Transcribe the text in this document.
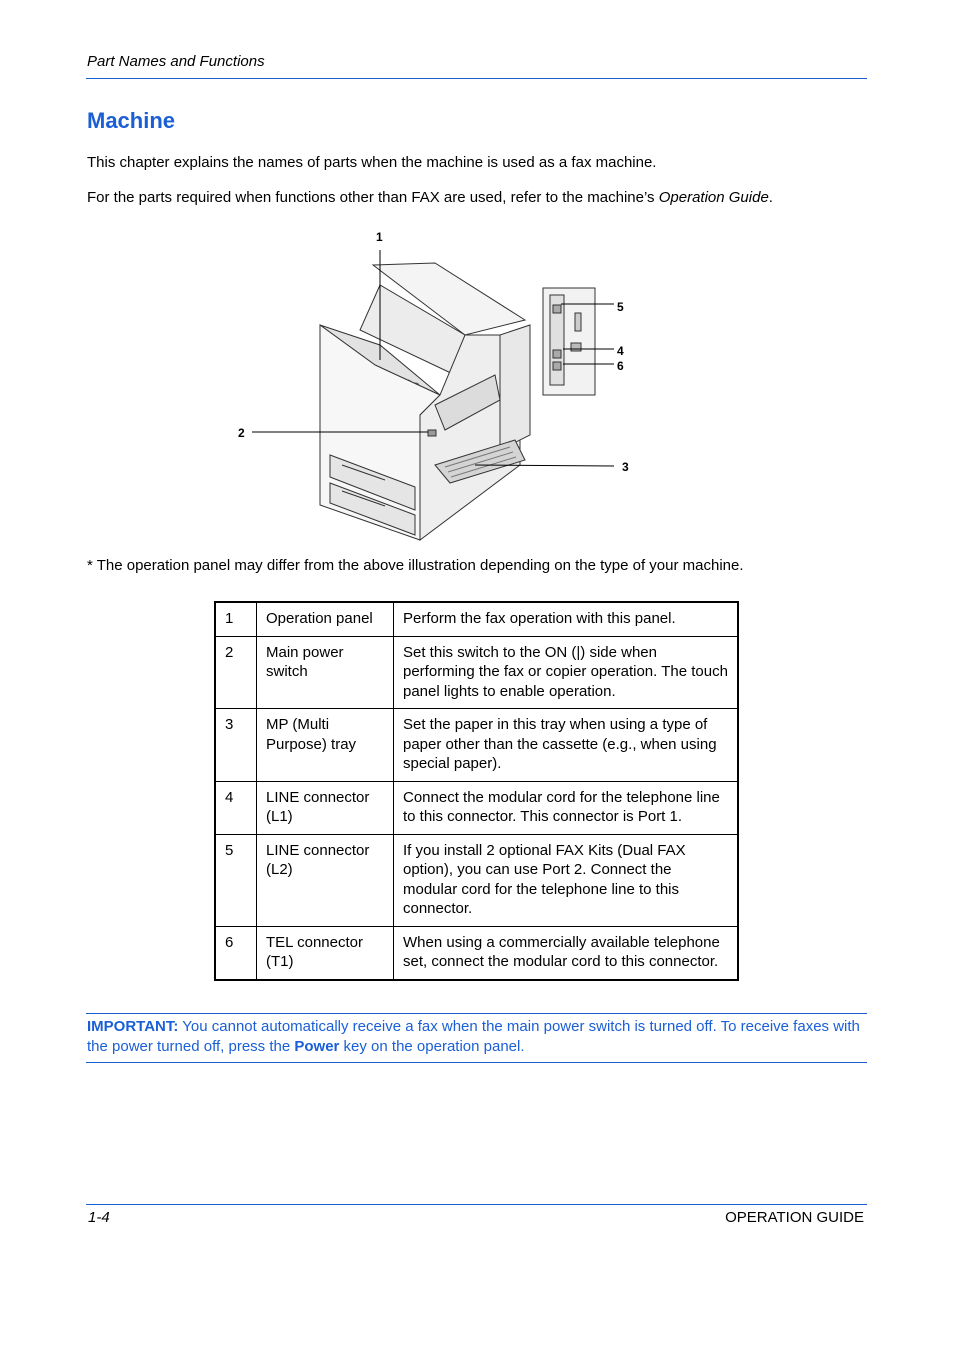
Part Names and Functions
Machine

This chapter explains the names of parts when the machine is used as a fax machine.

For the parts required when functions other than FAX are used, refer to the machine’s Operation Guide.

1
2
3
4
5
6

* The operation panel may differ from the above illustration depending on the type of your machine.

1	Operation panel	Perform the fax operation with this panel.
2	Main power switch	Set this switch to the ON (|) side when performing the fax or copier operation. The touch panel lights to enable operation.
3	MP (Multi Purpose) tray	Set the paper in this tray when using a type of paper other than the cassette (e.g., when using special paper).
4	LINE connector (L1)	Connect the modular cord for the telephone line to this connector. This connector is Port 1.
5	LINE connector (L2)	If you install 2 optional FAX Kits (Dual FAX option), you can use Port 2. Connect the modular cord for the telephone line to this connector.
6	TEL connector (T1)	When using a commercially available telephone set, connect the modular cord to this connector.

IMPORTANT: You cannot automatically receive a fax when the main power switch is turned off. To receive faxes with the power turned off, press the Power key on the operation panel.

1-4	OPERATION GUIDE
